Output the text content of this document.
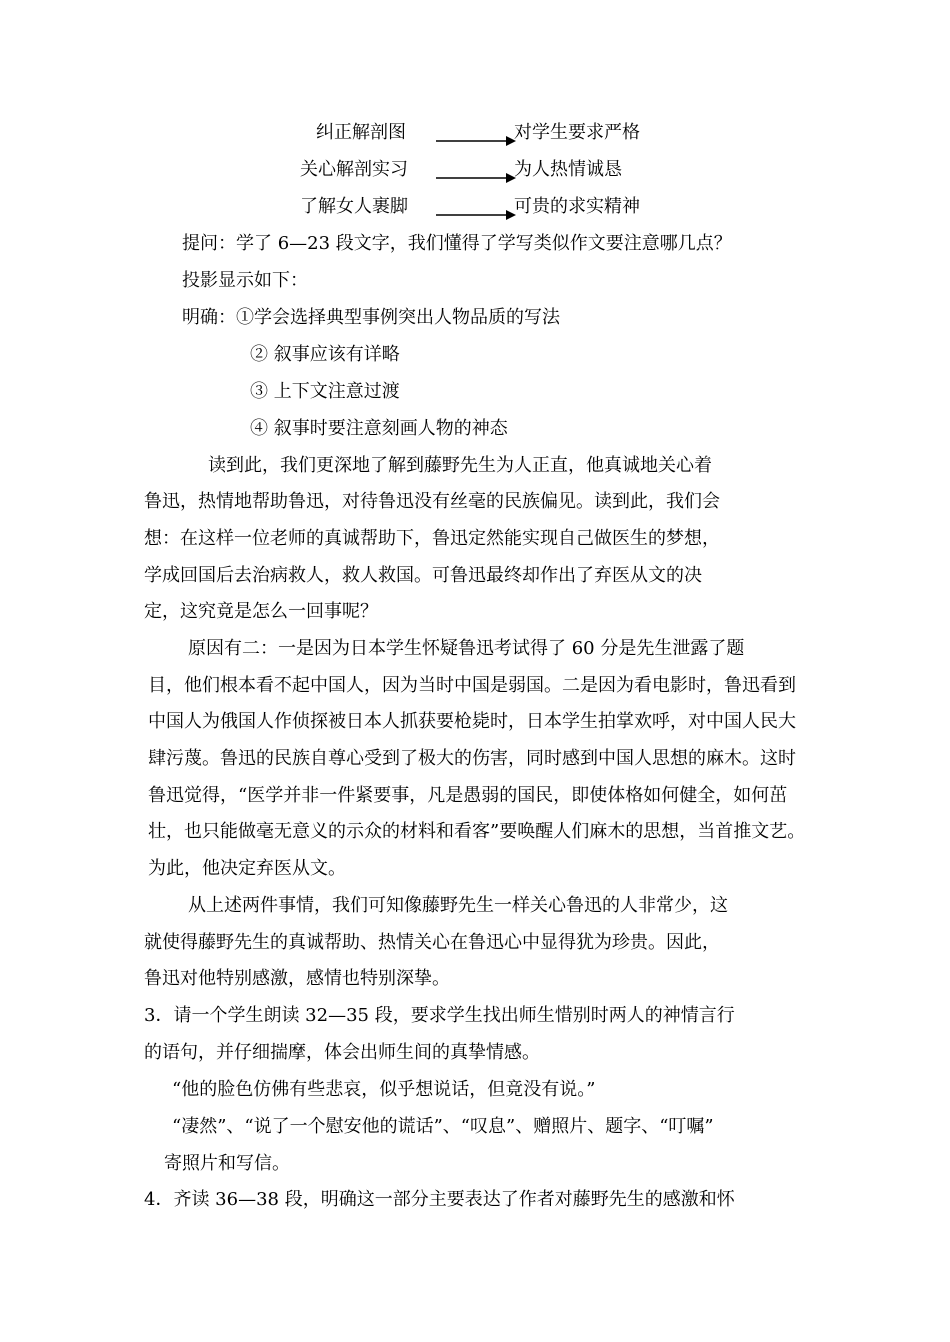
纠正解剖图	对学生要求严格
关心解剖实习	为人热情诚恳
了解女人裹脚	可贵的求实精神
提问：学了 6—23 段文字，我们懂得了学写类似作文要注意哪几点？
投影显示如下：
明确：①学会选择典型事例突出人物品质的写法
② 叙事应该有详略
③ 上下文注意过渡
④ 叙事时要注意刻画人物的神态
读到此，我们更深地了解到藤野先生为人正直，他真诚地关心着
鲁迅，热情地帮助鲁迅，对待鲁迅没有丝毫的民族偏见。读到此，我们会
想：在这样一位老师的真诚帮助下，鲁迅定然能实现自己做医生的梦想，
学成回国后去治病救人，救人救国。可鲁迅最终却作出了弃医从文的决
定，这究竟是怎么一回事呢？
原因有二：一是因为日本学生怀疑鲁迅考试得了 60 分是先生泄露了题
目，他们根本看不起中国人，因为当时中国是弱国。二是因为看电影时，鲁迅看到
中国人为俄国人作侦探被日本人抓获要枪毙时，日本学生拍掌欢呼，对中国人民大
肆污蔑。鲁迅的民族自尊心受到了极大的伤害，同时感到中国人思想的麻木。这时
鲁迅觉得，“医学并非一件紧要事，凡是愚弱的国民，即使体格如何健全，如何茁
壮，也只能做毫无意义的示众的材料和看客”要唤醒人们麻木的思想，当首推文艺。
为此，他决定弃医从文。
从上述两件事情，我们可知像藤野先生一样关心鲁迅的人非常少，这
就使得藤野先生的真诚帮助、热情关心在鲁迅心中显得犹为珍贵。因此，
鲁迅对他特别感激，感情也特别深挚。
3．请一个学生朗读 32—35 段，要求学生找出师生惜别时两人的神情言行
的语句，并仔细揣摩，体会出师生间的真挚情感。
“他的脸色仿佛有些悲哀，似乎想说话，但竟没有说。”
“凄然”、“说了一个慰安他的谎话”、“叹息”、赠照片、题字、“叮嘱”
寄照片和写信。
4．齐读 36—38 段，明确这一部分主要表达了作者对藤野先生的感激和怀
